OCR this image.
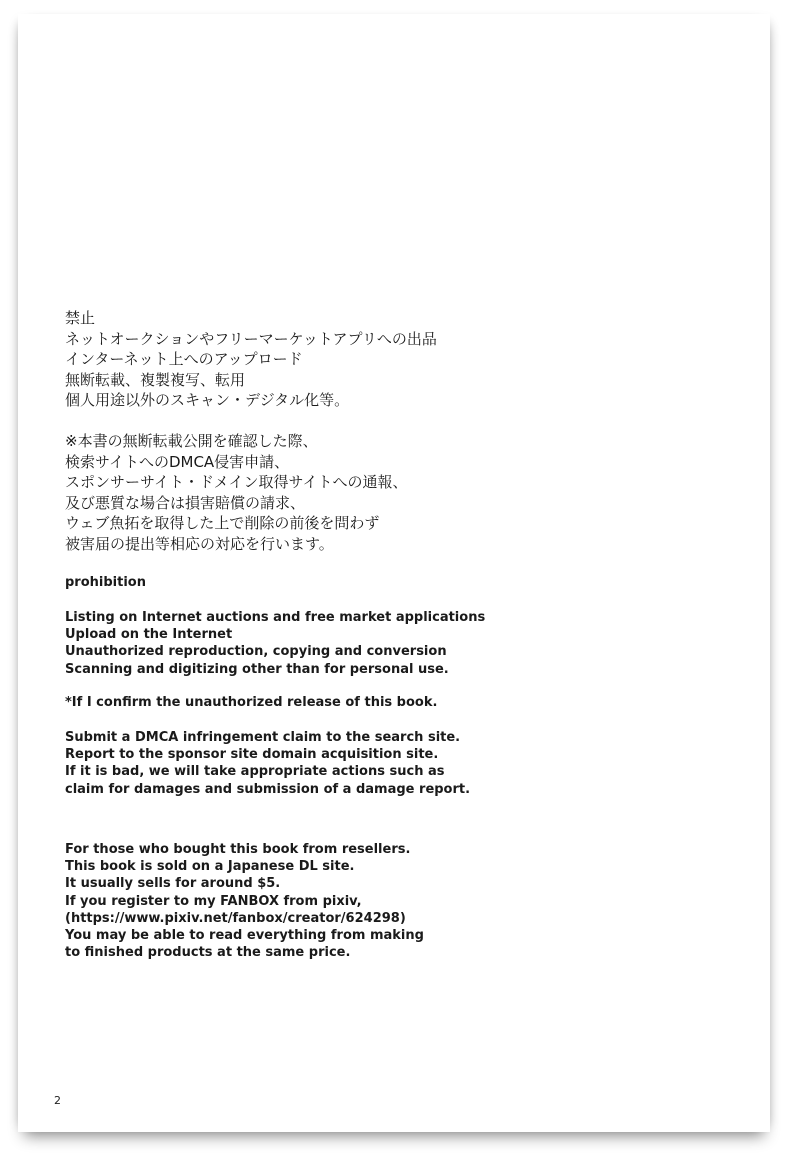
禁止
ネットオークションやフリーマーケットアプリへの出品
インターネット上へのアップロード
無断転載、複製複写、転用
個人用途以外のスキャン・デジタル化等。
※本書の無断転載公開を確認した際、
検索サイトへのDMCA侵害申請、
スポンサーサイト・ドメイン取得サイトへの通報、
及び悪質な場合は損害賠償の請求、
ウェブ魚拓を取得した上で削除の前後を問わず
被害届の提出等相応の対応を行います。
prohibition
Listing on Internet auctions and free market applications
Upload on the Internet
Unauthorized reproduction, copying and conversion
Scanning and digitizing other than for personal use.
*If I confirm the unauthorized release of this book.
Submit a DMCA infringement claim to the search site.
Report to the sponsor site domain acquisition site.
If it is bad, we will take appropriate actions such as
claim for damages and submission of a damage report.
For those who bought this book from resellers.
This book is sold on a Japanese DL site.
It usually sells for around $5.
If you register to my FANBOX from pixiv,
(https://www.pixiv.net/fanbox/creator/624298)
You may be able to read everything from making
to finished products at the same price.
2
